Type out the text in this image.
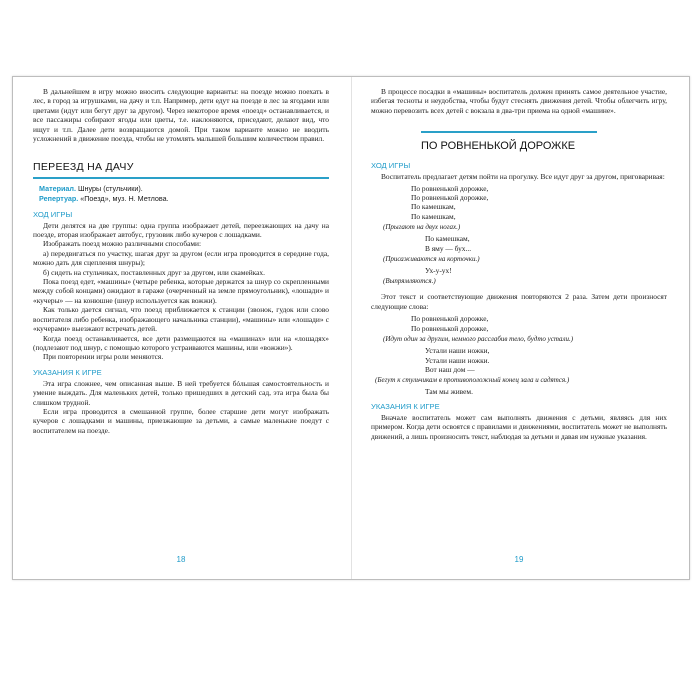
В дальнейшем в игру можно вносить следующие варианты: на поезде можно поехать в лес, в город за игрушками, на дачу и т.п. Например, дети едут на поезде в лес за ягодами или цветами (идут или бегут друг за другом). Через некоторое время «поезд» останавливается, и все пассажиры собирают ягоды или цветы, т.е. наклоняются, приседают, делают вид, что ищут и т.п. Далее дети возвращаются домой. При таком варианте можно не вводить усложнений в движение поезда, чтобы не утомлять малышей большим количеством правил.

ПЕРЕЕЗД НА ДАЧУ
Материал. Шнуры (стульчики).
Репертуар. «Поезд», муз. Н. Метлова.
ХОД ИГРЫ

Дети делятся на две группы: одна группа изображает детей, переезжающих на дачу на поезде, вторая изображает автобус, грузовик либо кучеров с лошадками.

Изображать поезд можно различными способами:

а) передвигаться по участку, шагая друг за другом (если игра проводится в середине года, можно дать для сцепления шнуры);

б) сидеть на стульчиках, поставленных друг за другом, или скамейках.

Пока поезд едет, «машины» (четыре ребенка, которые держатся за шнур со скрепленными между собой концами) ожидают в гараже (очерченный на земле прямоугольник), «лошади» и «кучеры» — на конюшне (шнур используется как вожжи).

Как только дается сигнал, что поезд приближается к станции (звонок, гудок или слово воспитателя либо ребенка, изображающего начальника станции), «машины» или «лошади» с «кучерами» выезжают встречать детей.

Когда поезд останавливается, все дети размещаются на «машинах» или на «лошадях» (подлезают под шнур, с помощью которого устраиваются машины, или «вожжи»).

При повторении игры роли меняются.

УКАЗАНИЯ К ИГРЕ

Эта игра сложнее, чем описанная выше. В ней требуется бóльшая самостоятельность и умение выждать. Для маленьких детей, только пришедших в детский сад, эта игра была бы слишком трудной.

Если игра проводится в смешанной группе, более старшие дети могут изображать кучеров с лошадками и машины, приезжающие за детьми, а самые маленькие поедут с воспитателем на поезде.

18

В процессе посадки в «машины» воспитатель должен принять самое деятельное участие, избегая тесноты и неудобства, чтобы будут стеснять движения детей. Чтобы облегчить игру, можно перевозить всех детей с вокзала в два-три приема на одной «машине».

ПО РОВНЕНЬКОЙ ДОРОЖКЕ
ХОД ИГРЫ

Воспитатель предлагает детям пойти на прогулку. Все идут друг за другом, приговаривая:

По ровненькой дорожке,

По ровненькой дорожке,

По камешкам,

По камешкам,

(Прыгают на двух ногах.)

По камешкам,

В яму — бух...

(Присаживаются на корточки.)

Ух-у-ух!

(Выпрямляются.)

Этот текст и соответствующие движения повторяются 2 раза. Затем дети произносят следующие слова:

По ровненькой дорожке,

По ровненькой дорожке,

(Идут один за другим, немного расслабив тело, будто устали.)

Устали наши ножки,

Устали наши ножки.

Вот наш дом —

(Бегут к стульчикам в противоположный конец зала и садятся.)

Там мы живем.

УКАЗАНИЯ К ИГРЕ

Вначале воспитатель может сам выполнять движения с детьми, являясь для них примером. Когда дети освоятся с правилами и движениями, воспитатель может не выполнять движений, а лишь произносить текст, наблюдая за детьми и давая им нужные указания.

19
